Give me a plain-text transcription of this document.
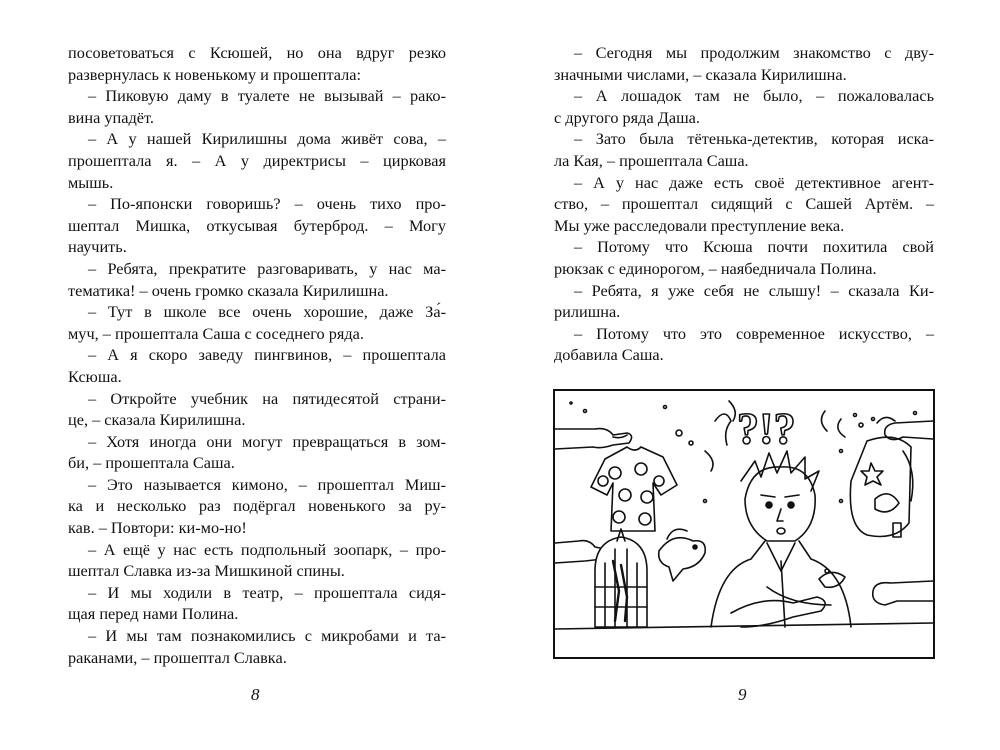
посоветоваться с Ксюшей, но она вдруг резко
развернулась к новенькому и прошептала:
– Пиковую даму в туалете не вызывай – рако-
вина упадёт.
– А у нашей Кирилишны дома живёт сова, –
прошептала я. – А у директрисы – цирковая
мышь.
– По-японски говоришь? – очень тихо про-
шептал Мишка, откусывая бутерброд. – Могу
научить.
– Ребята, прекратите разговаривать, у нас ма-
тематика! – очень громко сказала Кирилишна.
– Тут в школе все очень хорошие, даже За́-
муч, – прошептала Саша с соседнего ряда.
– А я скоро заведу пингвинов, – прошептала
Ксюша.
– Откройте учебник на пятидесятой страни-
це, – сказала Кирилишна.
– Хотя иногда они могут превращаться в зом-
би, – прошептала Саша.
– Это называется кимоно, – прошептал Миш-
ка и несколько раз подёргал новенького за ру-
кав. – Повтори: ки-мо-но!
– А ещё у нас есть подпольный зоопарк, – про-
шептал Славка из-за Мишкиной спины.
– И мы ходили в театр, – прошептала сидя-
щая перед нами Полина.
– И мы там познакомились с микробами и та-
раканами, – прошептал Славка.
– Сегодня мы продолжим знакомство с дву-
значными числами, – сказала Кирилишна.
– А лошадок там не было, – пожаловалась
с другого ряда Даша.
– Зато была тётенька-детектив, которая иска-
ла Кая, – прошептала Саша.
– А у нас даже есть своё детективное агент-
ство, – прошептал сидящий с Сашей Артём. –
Мы уже расследовали преступление века.
– Потому что Ксюша почти похитила свой
рюкзак с единорогом, – наябедничала Полина.
– Ребята, я уже себя не слышу! – сказала Ки-
рилишна.
– Потому что это современное искусство, –
добавила Саша.
?!?
8	9
